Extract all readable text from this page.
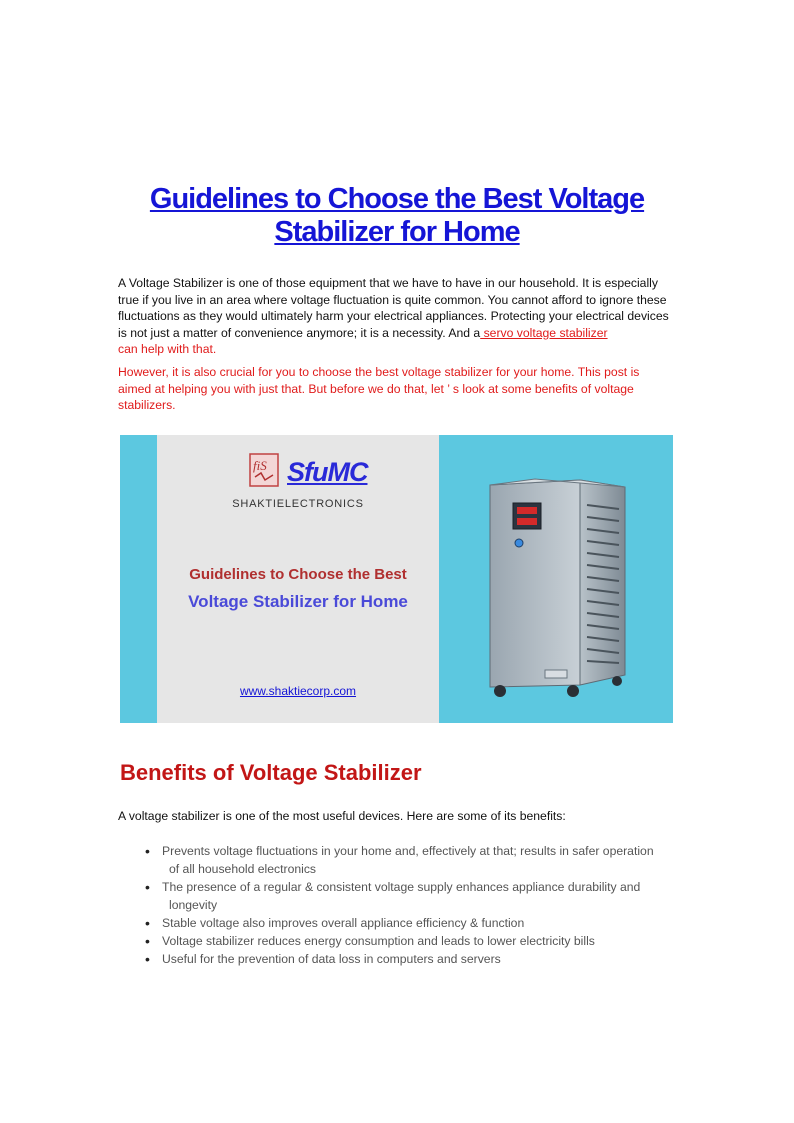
Guidelines to Choose the Best Voltage
Stabilizer for Home

A Voltage Stabilizer is one of those equipment that we have to have in our household. It is especially true if you live in an area where voltage fluctuation is quite common. You cannot afford to ignore these fluctuations as they would ultimately harm your electrical appliances. Protecting your electrical devices is not just a matter of convenience anymore; it is a necessity. And a servo voltage stabilizer
can help with that.

However, it is also crucial for you to choose the best voltage stabilizer for your home. This post is aimed at helping you with just that. But before we do that, let ’ s look at some benefits of voltage stabilizers.

fiS SfuMC
SHAKTIELECTRONICS
Guidelines to Choose the Best
Voltage Stabilizer for Home
www.shaktiecorp.com
Benefits of Voltage Stabilizer

A voltage stabilizer is one of the most useful devices. Here are some of its benefits:

• Prevents voltage fluctuations in your home and, effectively at that; results in safer operation
of all household electronics
• The presence of a regular & consistent voltage supply enhances appliance durability and
longevity
• Stable voltage also improves overall appliance efficiency & function
• Voltage stabilizer reduces energy consumption and leads to lower electricity bills
• Useful for the prevention of data loss in computers and servers
